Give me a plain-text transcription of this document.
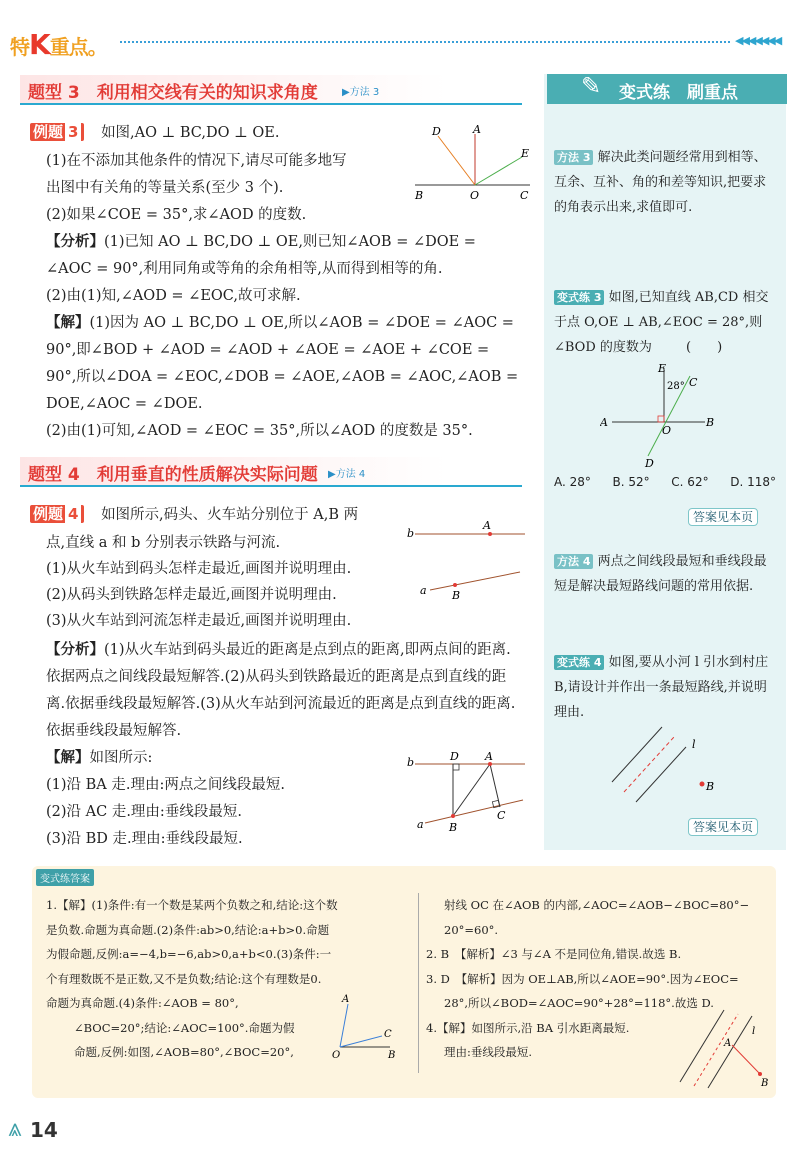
特K重点。	◀◀◀◀◀◀◀
题型 3　利用相交线有关的知识求角度 ▶方法 3
例题 3 如图,AO ⊥ BC,DO ⊥ OE.
(1)在不添加其他条件的情况下,请尽可能多地写
出图中有关角的等量关系(至少 3 个).
(2)如果∠COE = 35°,求∠AOD 的度数.
D	A
E
B	O	C
【分析】(1)已知 AO ⊥ BC,DO ⊥ OE,则已知∠AOB = ∠DOE = ∠AOC = 90°,利用同角或等角的余角相等,从而得到相等的角.
(2)由(1)知,∠AOD = ∠EOC,故可求解.
【解】(1)因为 AO ⊥ BC,DO ⊥ OE,所以∠AOB = ∠DOE = ∠AOC = 90°,即∠BOD + ∠AOD = ∠AOD + ∠AOE = ∠AOE + ∠COE = 90°,所以∠DOA = ∠EOC,∠DOB = ∠AOE,∠AOB = ∠AOC,∠AOB = DOE,∠AOC = ∠DOE.
(2)由(1)可知,∠AOD = ∠EOC = 35°,所以∠AOD 的度数是 35°.
题型 4　利用垂直的性质解决实际问题 ▶方法 4
例题 4 如图所示,码头、火车站分别位于 A,B 两
点,直线 a 和 b 分别表示铁路与河流.
(1)从火车站到码头怎样走最近,画图并说明理由.
(2)从码头到铁路怎样走最近,画图并说明理由.
(3)从火车站到河流怎样走最近,画图并说明理由.
b
A
a B
【分析】(1)从火车站到码头最近的距离是点到点的距离,即两点间的距离.依据两点之间线段最短解答.(2)从码头到铁路最近的距离是点到直线的距离.依据垂线段最短解答.(3)从火车站到河流最近的距离是点到直线的距离.依据垂线段最短解答.
【解】如图所示:
(1)沿 BA 走.理由:两点之间线段最短.
(2)沿 AC 走.理由:垂线段最短.
(3)沿 BD 走.理由:垂线段最短.
b	D A
a B
C
✎ 变式练　刷重点
方法 3 解决此类问题经常用到相等、互余、互补、角的和差等知识,把要求的角表示出来,求值即可.
变式练 3 如图,已知直线 AB,CD 相交于点 O,OE ⊥ AB,∠EOC = 28°,则∠BOD 的度数为	(　　)
E
C
28°
A
O
B
D
A. 28° B. 52° C. 62° D. 118°
答案见本页
方法 4 两点之间线段最短和垂线段最短是解决最短路线问题的常用依据.
变式练 4 如图,要从小河 l 引水到村庄 B,请设计并作出一条最短路线,并说明理由.
l
B
答案见本页
变式练答案
1.【解】(1)条件:有一个数是某两个负数之和,结论:这个数
是负数.命题为真命题.(2)条件:ab>0,结论:a+b>0.命题
为假命题,反例:a=−4,b=−6,ab>0,a+b<0.(3)条件:一
个有理数既不是正数,又不是负数;结论:这个有理数是0.
命题为真命题.(4)条件:∠AOB = 80°,
∠BOC=20°;结论:∠AOC=100°.命题为假
命题,反例:如图,∠AOB=80°,∠BOC=20°,
A
C
O	B
射线 OC 在∠AOB 的内部,∠AOC=∠AOB−∠BOC=80°−
20°=60°.
2. B　【解析】∠3 与∠A 不是同位角,错误.故选 B.
3. D　【解析】因为 OE⊥AB,所以∠AOE=90°.因为∠EOC=
28°,所以∠BOD=∠AOC=90°+28°=118°.故选 D.
4.【解】如图所示,沿 BA 引水距离最短.
理由:垂线段最短.
l
A
B
⩓ 14
